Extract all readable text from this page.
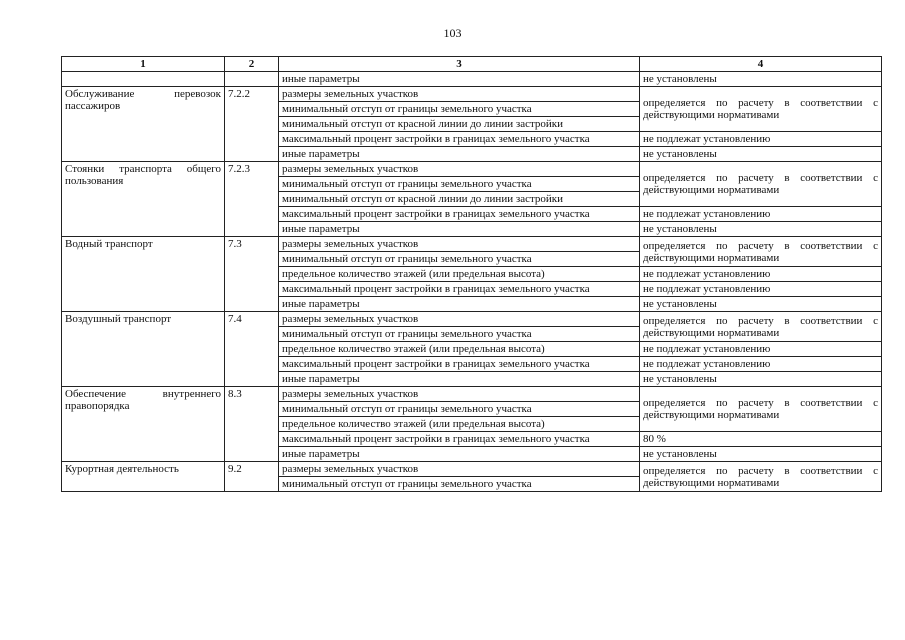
103
1	2	3	4
		иные параметры	не установлены
Обслуживание перевозок пассажиров	7.2.2	размеры земельных участков	определяется по расчету в соответствии с действующими нормативами
		минимальный отступ от границы земельного участка	
		минимальный отступ от красной линии до линии застройки	
		максимальный процент застройки в границах земельного участка	не подлежат установлению
		иные параметры	не установлены
Стоянки транспорта общего пользования	7.2.3	размеры земельных участков	определяется по расчету в соответствии с действующими нормативами
		минимальный отступ от границы земельного участка	
		минимальный отступ от красной линии до линии застройки	
		максимальный процент застройки в границах земельного участка	не подлежат установлению
		иные параметры	не установлены
Водный транспорт	7.3	размеры земельных участков	определяется по расчету в соответствии с действующими нормативами
		минимальный отступ от границы земельного участка	
		предельное количество этажей (или предельная высота)	не подлежат установлению
		максимальный процент застройки в границах земельного участка	не подлежат установлению
		иные параметры	не установлены
Воздушный транспорт	7.4	размеры земельных участков	определяется по расчету в соответствии с действующими нормативами
		минимальный отступ от границы земельного участка	
		предельное количество этажей (или предельная высота)	не подлежат установлению
		максимальный процент застройки в границах земельного участка	не подлежат установлению
		иные параметры	не установлены
Обеспечение внутреннего правопорядка	8.3	размеры земельных участков	определяется по расчету в соответствии с действующими нормативами
		минимальный отступ от границы земельного участка	
		предельное количество этажей (или предельная высота)	
		максимальный процент застройки в границах земельного участка	80 %
		иные параметры	не установлены
Курортная деятельность	9.2	размеры земельных участков	определяется по расчету в соответствии с действующими нормативами
		минимальный отступ от границы земельного участка	
